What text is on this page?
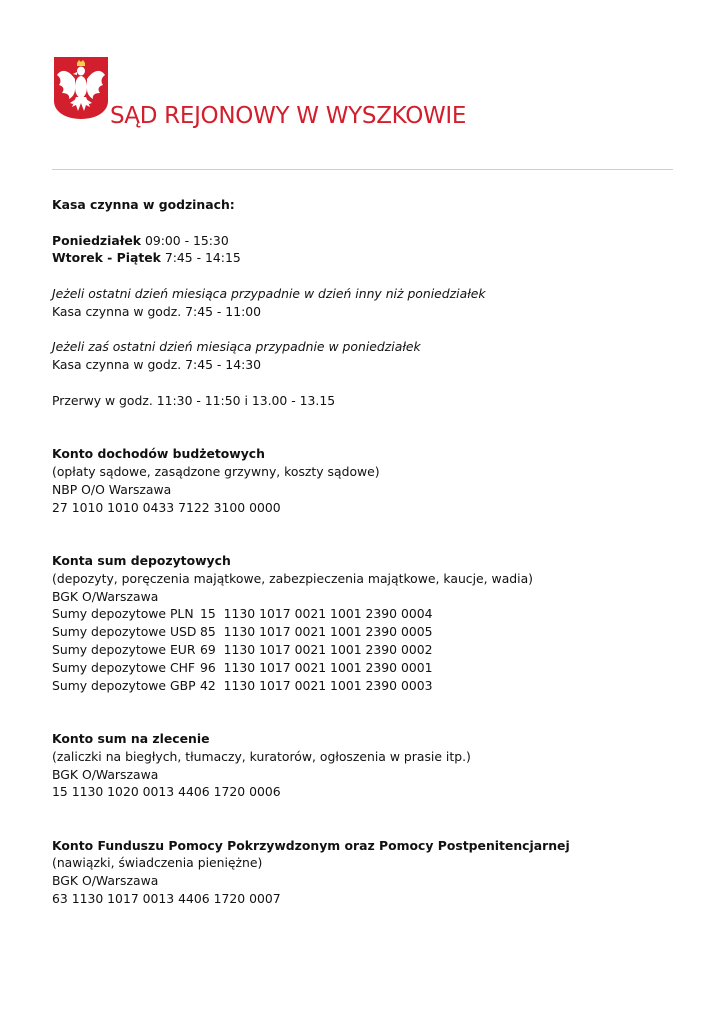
SĄD REJONOWY W WYSZKOWIE

Kasa czynna w godzinach:

Poniedziałek 09:00 - 15:30

Wtorek - Piątek 7:45 - 14:15

Jeżeli ostatni dzień miesiąca przypadnie w dzień inny niż poniedziałek

Kasa czynna w godz. 7:45 - 11:00

Jeżeli zaś ostatni dzień miesiąca przypadnie w poniedziałek

Kasa czynna w godz. 7:45 - 14:30

Przerwy w godz. 11:30 - 11:50 i 13.00 - 13.15

Konto dochodów budżetowych

(opłaty sądowe, zasądzone grzywny, koszty sądowe)

NBP O/O Warszawa

27 1010 1010 0433 7122 3100 0000

Konta sum depozytowych

(depozyty, poręczenia majątkowe, zabezpieczenia majątkowe, kaucje, wadia)

BGK O/Warszawa

Sumy depozytowe PLN 15  1130 1017 0021 1001 2390 0004
Sumy depozytowe USD 85  1130 1017 0021 1001 2390 0005
Sumy depozytowe EUR 69  1130 1017 0021 1001 2390 0002
Sumy depozytowe CHF 96  1130 1017 0021 1001 2390 0001
Sumy depozytowe GBP 42  1130 1017 0021 1001 2390 0003

Konto sum na zlecenie

(zaliczki na biegłych, tłumaczy, kuratorów, ogłoszenia w prasie itp.)

BGK O/Warszawa

15 1130 1020 0013 4406 1720 0006

Konto Funduszu Pomocy Pokrzywdzonym oraz Pomocy Postpenitencjarnej

(nawiązki, świadczenia pieniężne)

BGK O/Warszawa

63 1130 1017 0013 4406 1720 0007
